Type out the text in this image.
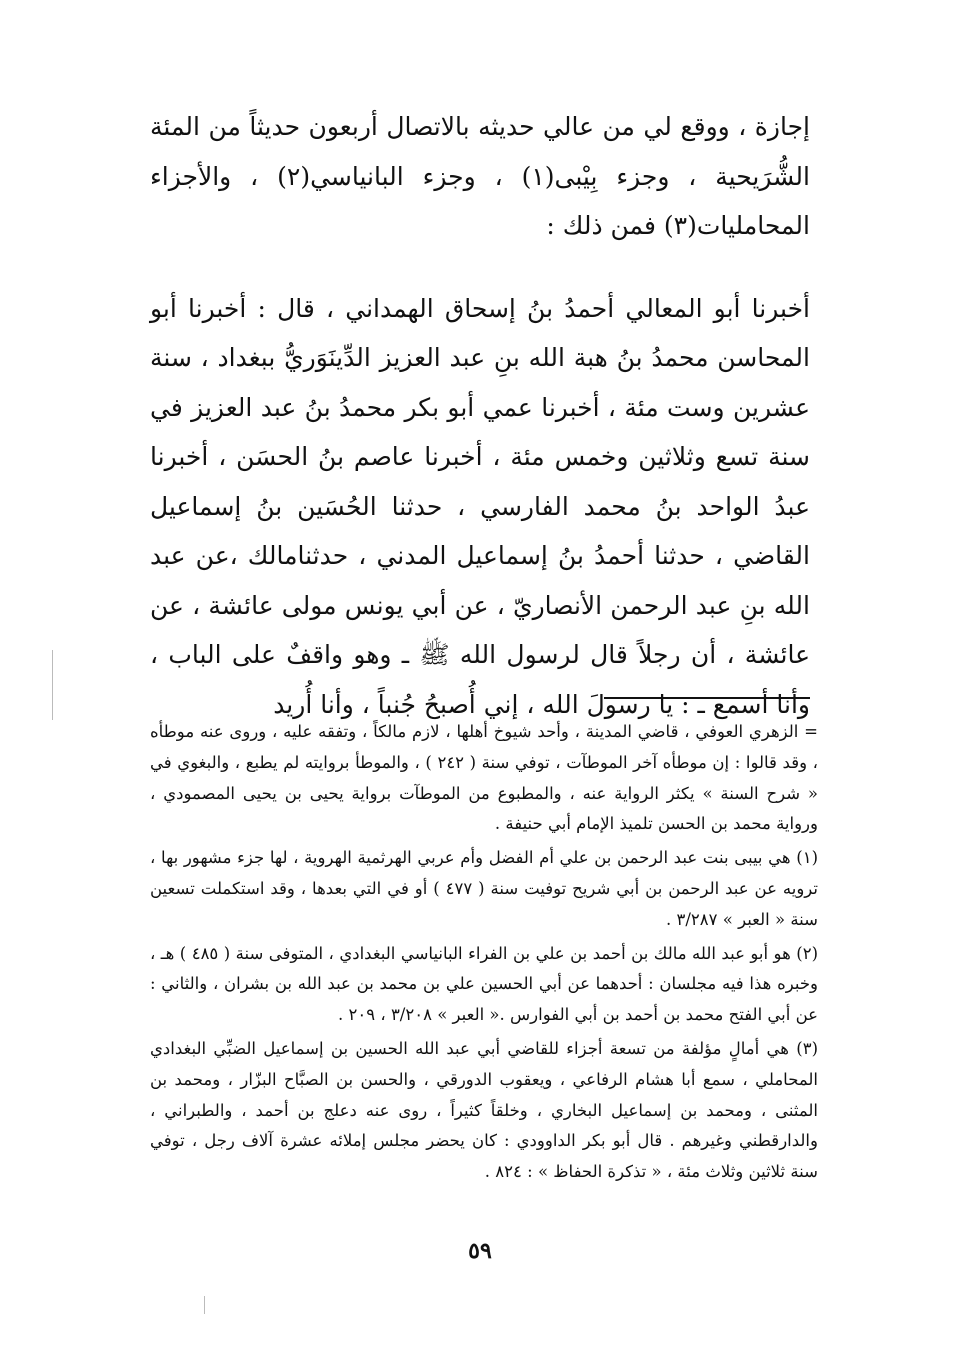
إجازة ، ووقع لي من عالي حديثه بالاتصال أربعون حديثاً من المئة الشُّرَيحية ، وجزء بِيْبى(١) ، وجزء البانياسي(٢) ، والأجزاء المحامليات(٣) فمن ذلك :

أخبرنا أبو المعالي أحمدُ بنُ إسحاق الهمداني ، قال : أخبرنا أبو المحاسن محمدُ بنُ هبة الله بنِ عبد العزيز الدِّينَوَريُّ ببغداد ، سنة عشرين وست مئة ، أخبرنا عمي أبو بكر محمدُ بنُ عبد العزيز في سنة تسع وثلاثين وخمس مئة ، أخبرنا عاصم بنُ الحسَن ، أخبرنا عبدُ الواحد بنُ محمد الفارسي ، حدثنا الحُسَين بنُ إسماعيل القاضي ، حدثنا أحمدُ بنُ إسماعيل المدني ، حدثنامالك ،عن عبد الله بنِ عبد الرحمن الأنصاريّ ، عن أبي يونس مولى عائشة ، عن عائشة ، أن رجلاً قال لرسول الله ﷺ ـ وهو واقفٌ على الباب ، وأنا أسمع ـ : يا رسولَ الله ، إني أُصبحُ جُنباً ، وأنا أُريد

= الزهري العوفي ، قاضي المدينة ، وأحد شيوخ أهلها ، لازم مالكاً ، وتفقه عليه ، وروى عنه موطأه ، وقد قالوا : إن موطأه آخر الموطآت ، توفي سنة ( ٢٤٢ ) ، والموطأ بروايته لم يطبع ، والبغوي في « شرح السنة » يكثر الرواية عنه ، والمطبوع من الموطآت برواية يحيى بن يحيى المصمودي ، ورواية محمد بن الحسن تلميذ الإمام أبي حنيفة .

(١) هي بيبى بنت عبد الرحمن بن علي أم الفضل وأم عربي الهرثمية الهروية ، لها جزء مشهور بها ، ترويه عن عبد الرحمن بن أبي شريح توفيت سنة ( ٤٧٧ ) أو في التي بعدها ، وقد استكملت تسعين سنة « العبر » ٣/٢٨٧ .

(٢) هو أبو عبد الله مالك بن أحمد بن علي بن الفراء البانياسي البغدادي ، المتوفى سنة ( ٤٨٥ ) هـ ، وخبره هذا فيه مجلسان : أحدهما عن أبي الحسين علي بن محمد بن عبد الله بن بشران ، والثاني : عن أبي الفتح محمد بن أحمد بن أبي الفوارس .« العبر » ٣/٢٠٨ ، ٢٠٩ .

(٣) هي أمالٍ مؤلفة من تسعة أجزاء للقاضي أبي عبد الله الحسين بن إسماعيل الضبِّي البغدادي المحاملي ، سمع أبا هشام الرفاعي ، ويعقوب الدورقي ، والحسن بن الصبَّاح البزّار ، ومحمد بن المثنى ، ومحمد بن إسماعيل البخاري ، وخلقاً كثيراً ، روى عنه دعلج بن أحمد ، والطبراني ، والدارقطني وغيرهم . قال أبو بكر الداوودي : كان يحضر مجلس إملائه عشرة آلاف رجل ، توفي سنة ثلاثين وثلاث مئة ، « تذكرة الحفاظ » : ٨٢٤ .

٥٩
